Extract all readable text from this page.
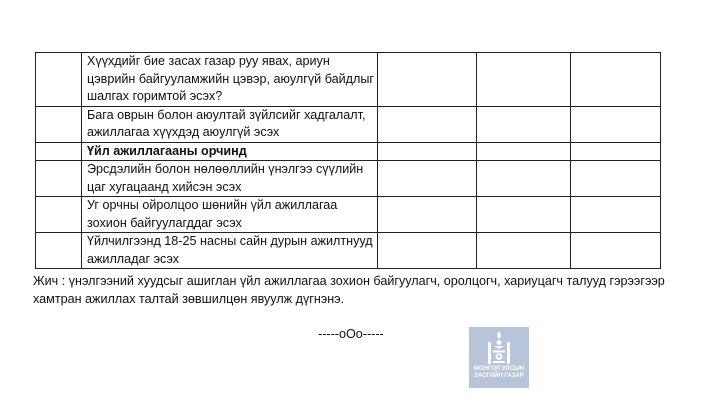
	Хүүхдийг бие засах газар руу явах, ариун цэврийн байгууламжийн цэвэр, аюулгүй байдлыг шалгах горимтой эсэх?			
	Бага оврын болон аюултай зүйлсийг хадгалалт, ажиллагаа хүүхдэд аюулгүй эсэх			
	Үйл ажиллагааны орчинд			
	Эрсдэлийн болон нөлөөллийн үнэлгээ сүүлийн цаг хугацаанд хийсэн эсэх			
	Уг орчны ойролцоо шөнийн үйл ажиллагаа зохион байгуулагддаг эсэх			
	Үйлчилгээнд 18-25 насны сайн дурын ажилтнууд ажилладаг эсэх			
Жич : үнэлгээний хуудсыг ашиглан үйл ажиллагаа зохион байгуулагч, оролцогч, хариуцагч талууд гэрээгээр хамтран ажиллах талтай зөвшилцөн явуулж дүгнэнэ.
-----oOo-----
МОНГОЛ УЛСЫН
ЗАСГИЙН ГАЗАР
